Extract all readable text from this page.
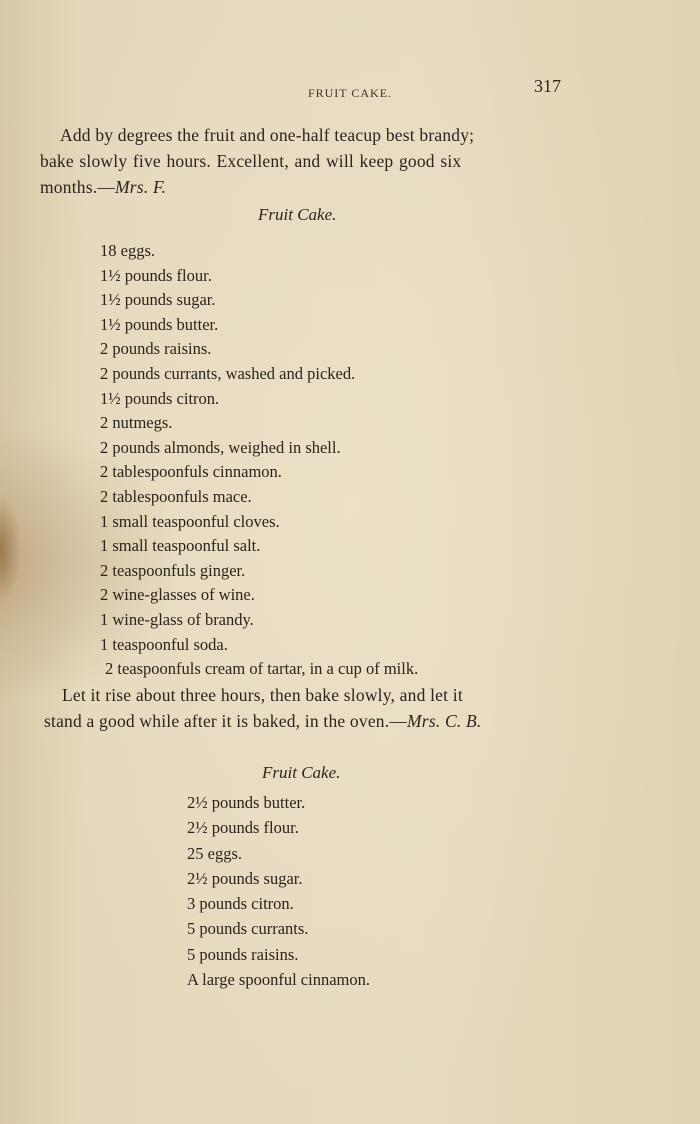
FRUIT CAKE.	317
Add by degrees the fruit and one-half teacup best brandy;
bake slowly five hours. Excellent, and will keep good six
months.—Mrs. F.
Fruit Cake.
18 eggs.
1½ pounds flour.
1½ pounds sugar.
1½ pounds butter.
2 pounds raisins.
2 pounds currants, washed and picked.
1½ pounds citron.
2 nutmegs.
2 pounds almonds, weighed in shell.
2 tablespoonfuls cinnamon.
2 tablespoonfuls mace.
1 small teaspoonful cloves.
1 small teaspoonful salt.
2 teaspoonfuls ginger.
2 wine-glasses of wine.
1 wine-glass of brandy.
1 teaspoonful soda.
2 teaspoonfuls cream of tartar, in a cup of milk.
Let it rise about three hours, then bake slowly, and let it
stand a good while after it is baked, in the oven.—Mrs. C. B.
Fruit Cake.
2½ pounds butter.
2½ pounds flour.
25 eggs.
2½ pounds sugar.
3 pounds citron.
5 pounds currants.
5 pounds raisins.
A large spoonful cinnamon.
